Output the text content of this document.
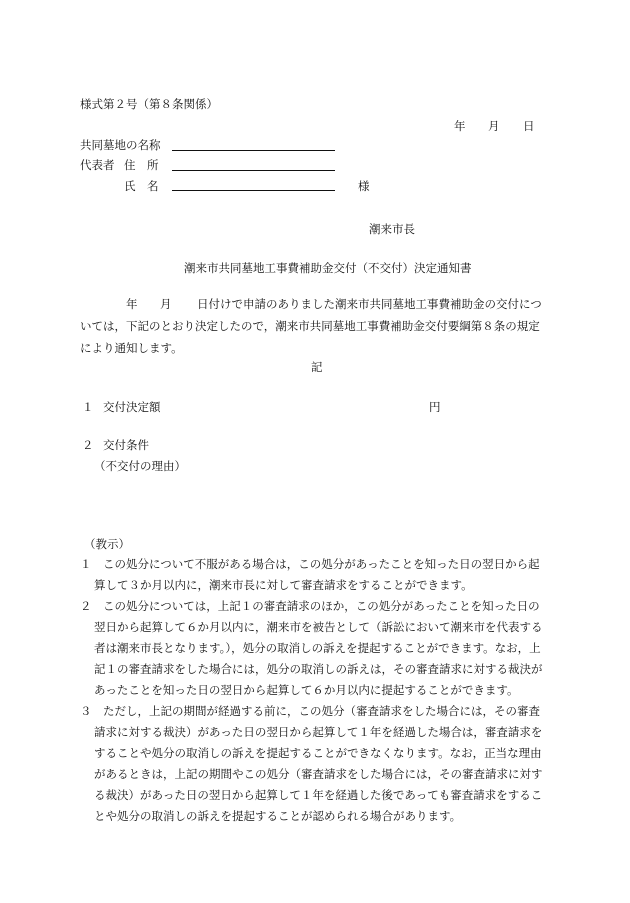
様式第２号（第８条関係）
年 月 日
共同墓地の名称
代表者 住　所
氏　名	様
潮来市長
潮来市共同墓地工事費補助金交付（不交付）決定通知書
年 月 日付けで申請のありました潮来市共同墓地工事費補助金の交付につ
いては，下記のとおり決定したので，潮来市共同墓地工事費補助金交付要綱第８条の規定
により通知します。
記
１ 交付決定額	円
２ 交付条件
（不交付の理由）
（教示）
１　この処分について不服がある場合は，この処分があったことを知った日の翌日から起
算して３か月以内に，潮来市長に対して審査請求をすることができます。
２　この処分については，上記１の審査請求のほか，この処分があったことを知った日の
翌日から起算して６か月以内に，潮来市を被告として（訴訟において潮来市を代表する
者は潮来市長となります。），処分の取消しの訴えを提起することができます。なお，上
記１の審査請求をした場合には，処分の取消しの訴えは，その審査請求に対する裁決が
あったことを知った日の翌日から起算して６か月以内に提起することができます。
３　ただし，上記の期間が経過する前に，この処分（審査請求をした場合には，その審査
請求に対する裁決）があった日の翌日から起算して１年を経過した場合は，審査請求を
することや処分の取消しの訴えを提起することができなくなります。なお，正当な理由
があるときは，上記の期間やこの処分（審査請求をした場合には，その審査請求に対す
る裁決）があった日の翌日から起算して１年を経過した後であっても審査請求をするこ
とや処分の取消しの訴えを提起することが認められる場合があります。
